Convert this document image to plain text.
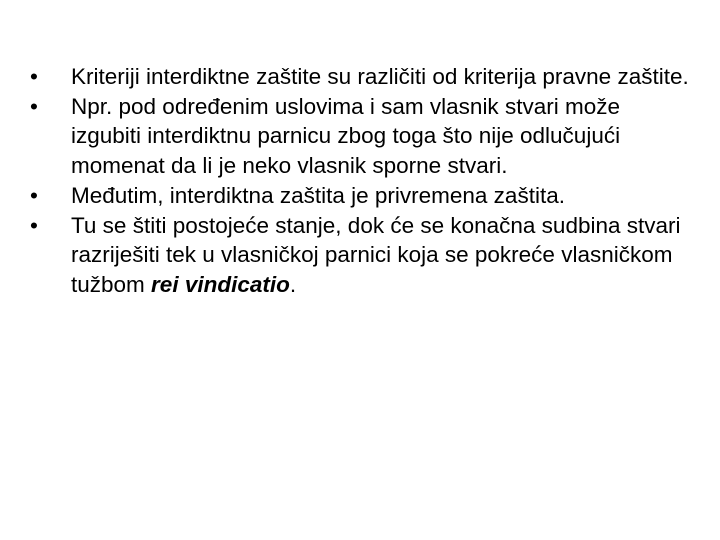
•	Kriteriji interdiktne zaštite su različiti od kriterija pravne zaštite.
•	Npr. pod određenim uslovima i sam vlasnik stvari može izgubiti interdiktnu parnicu zbog toga što nije odlučujući momenat da li je neko vlasnik sporne stvari.
•	Međutim, interdiktna zaštita je privremena zaštita.
•	Tu se štiti postojeće stanje, dok će se konačna sudbina stvari razriješiti tek u vlasničkoj parnici koja se pokreće vlasničkom tužbom rei vindicatio.
